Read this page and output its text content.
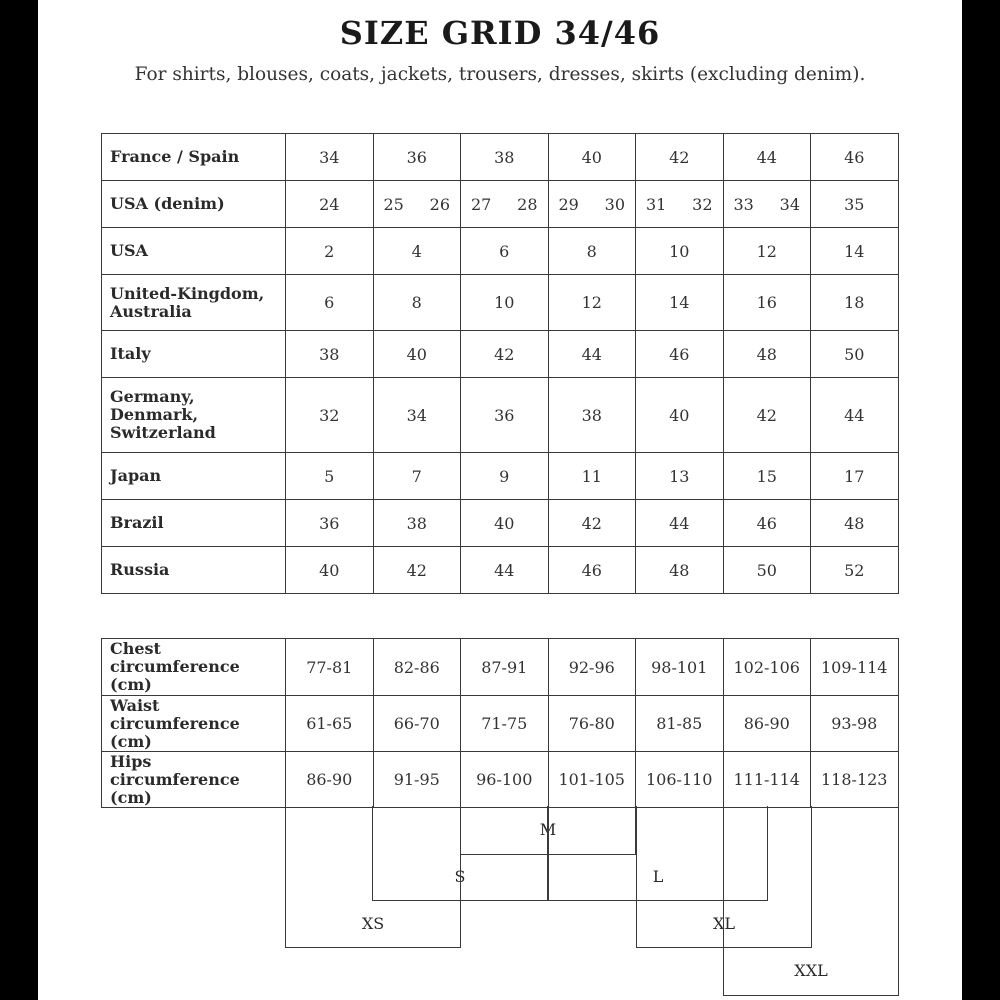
SIZE GRID 34/46
For shirts, blouses, coats, jackets, trousers, dresses, skirts (excluding denim).
France / Spain	34	36	38	40	42	44	46
USA (denim)	24	25 26	27 28	29 30	31 32	33 34	35
USA	2	4	6	8	10	12	14
United-Kingdom, Australia	6	8	10	12	14	16	18
Italy	38	40	42	44	46	48	50
Germany, Denmark, Switzerland	32	34	36	38	40	42	44
Japan	5	7	9	11	13	15	17
Brazil	36	38	40	42	44	46	48
Russia	40	42	44	46	48	50	52
Chest circumference (cm)	77-81	82-86	87-91	92-96	98-101	102-106	109-114
Waist circumference (cm)	61-65	66-70	71-75	76-80	81-85	86-90	93-98
Hips circumference (cm)	86-90	91-95	96-100	101-105	106-110	111-114	118-123
M
S	L
XS	XL
XXL
